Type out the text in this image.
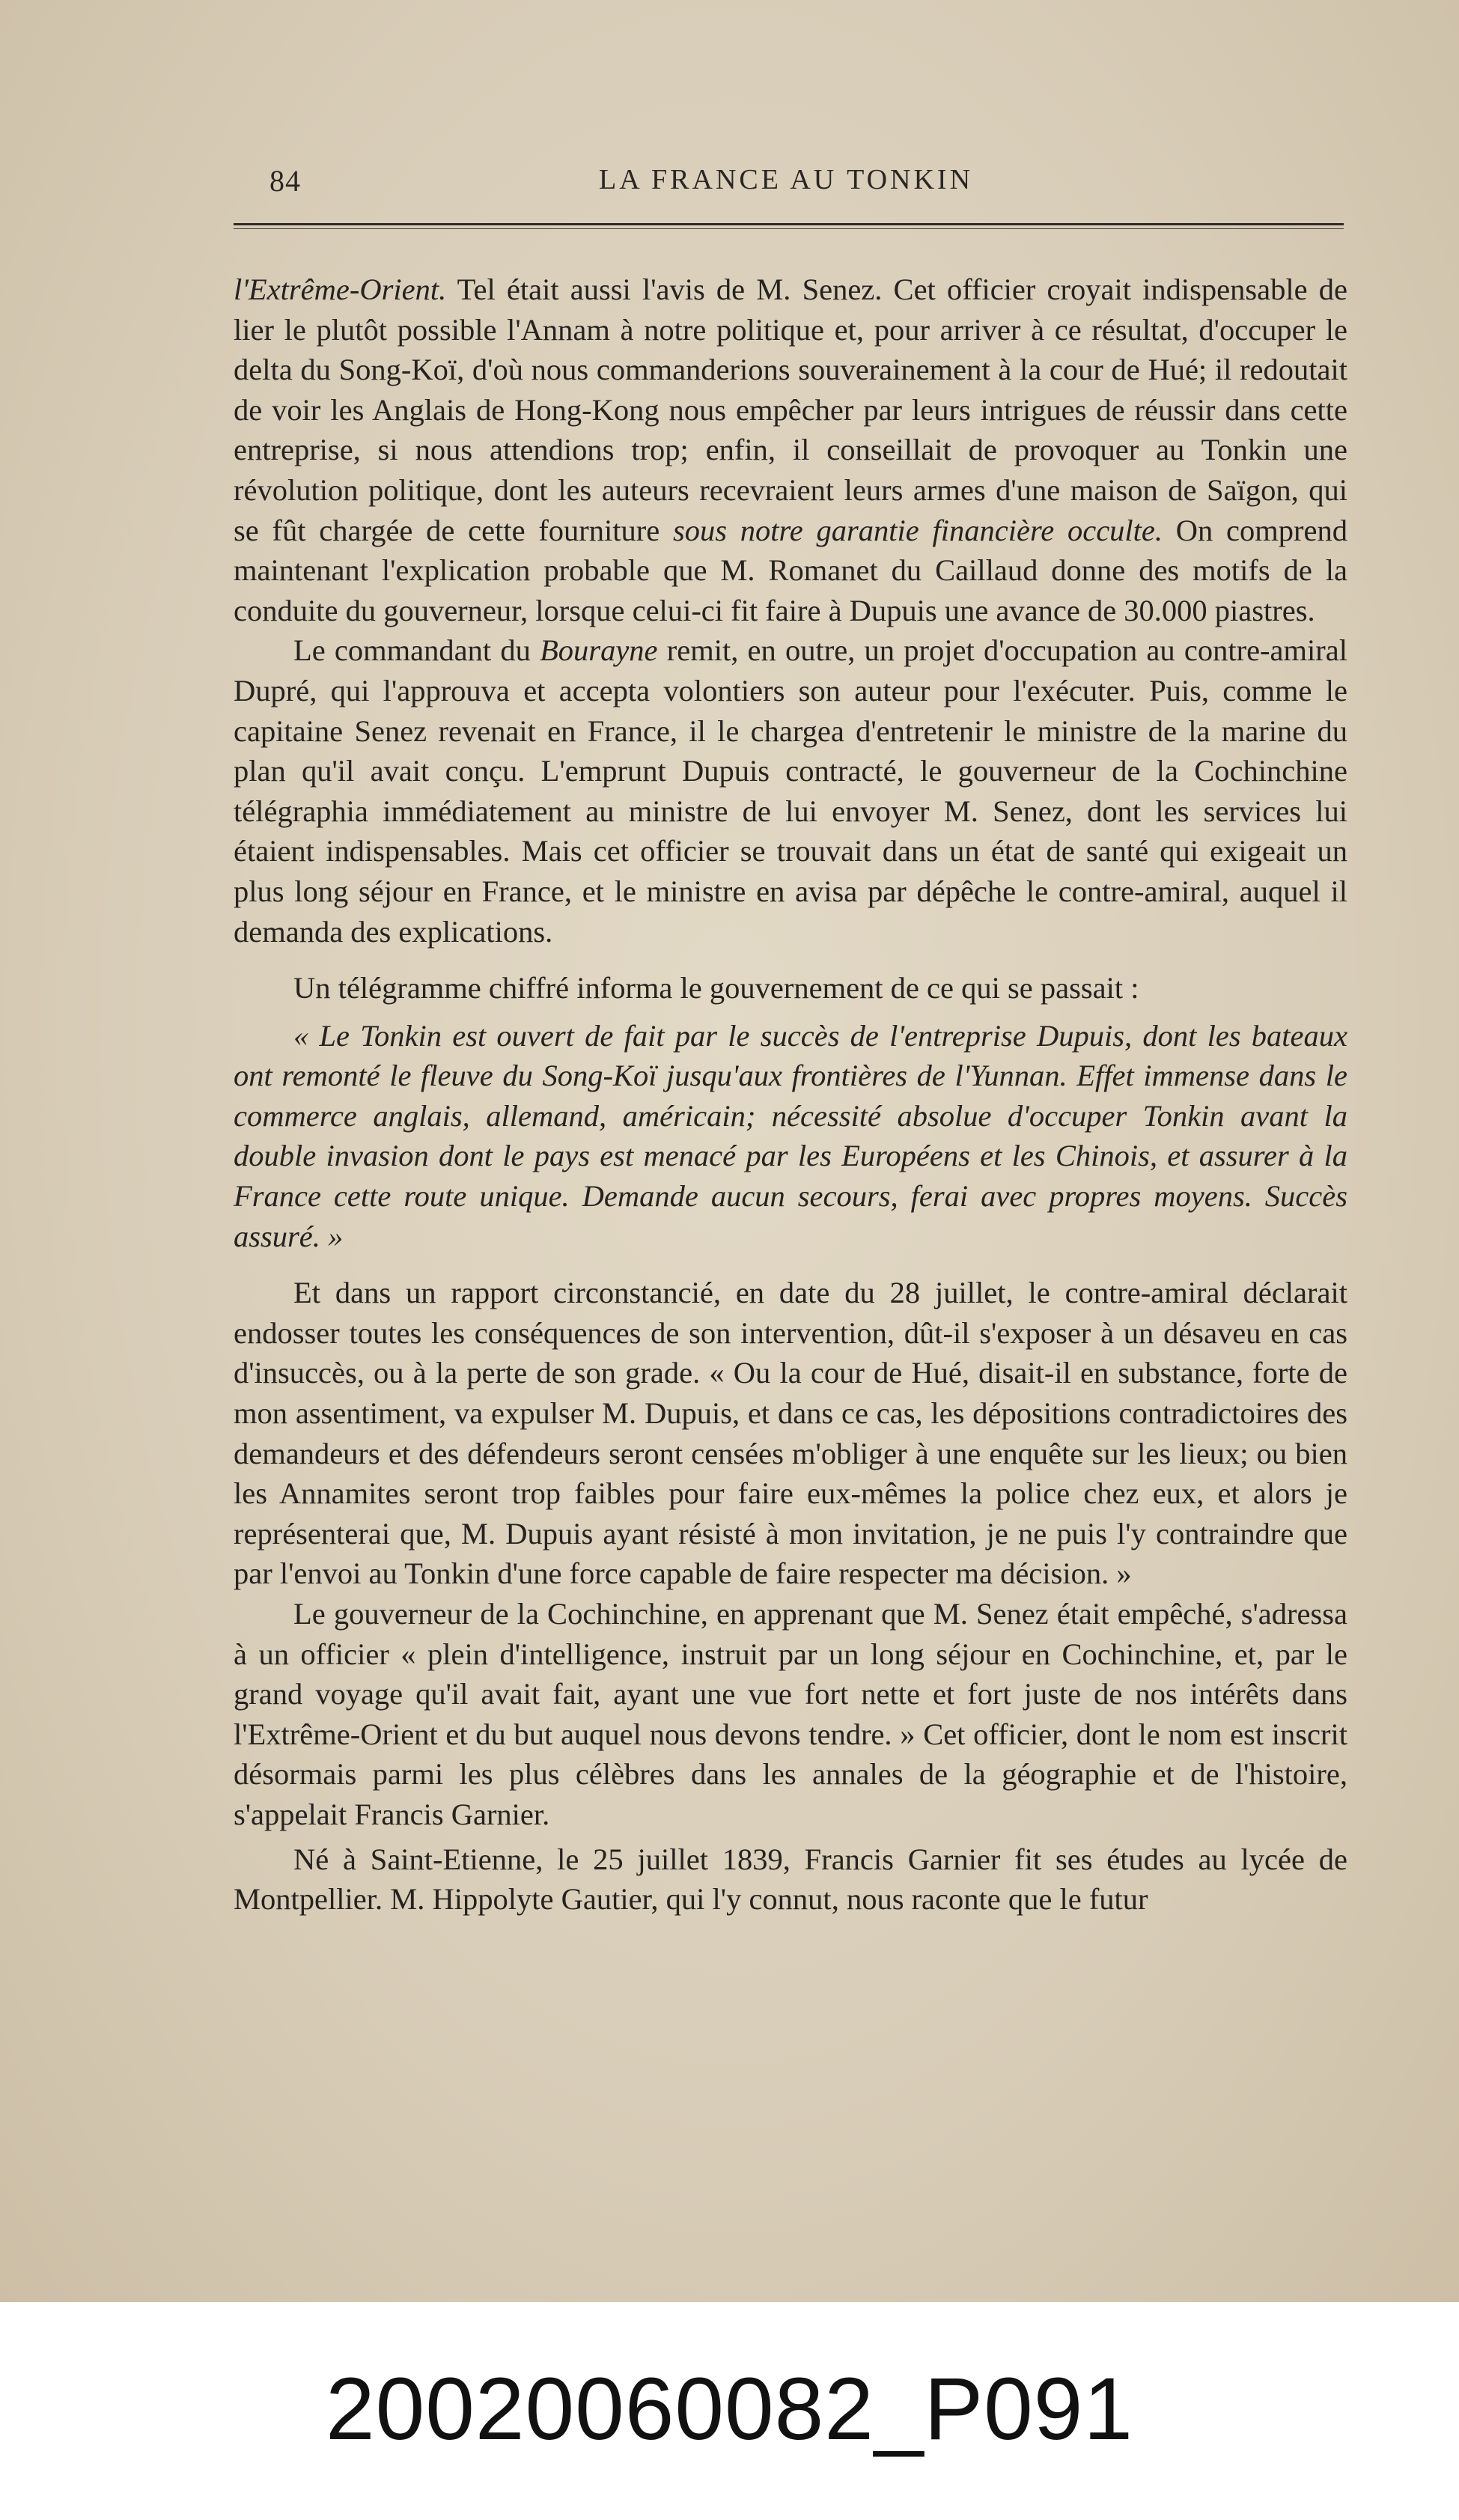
84	LA FRANCE AU TONKIN

l'Extrême-Orient. Tel était aussi l'avis de M. Senez. Cet officier croyait indispensable de lier le plutôt possible l'Annam à notre politique et, pour arriver à ce résultat, d'occuper le delta du Song-Koï, d'où nous commanderions souverainement à la cour de Hué; il redoutait de voir les Anglais de Hong-Kong nous empêcher par leurs intrigues de réussir dans cette entreprise, si nous attendions trop; enfin, il conseillait de provoquer au Tonkin une révolution politique, dont les auteurs recevraient leurs armes d'une maison de Saïgon, qui se fût chargée de cette fourniture sous notre garantie financière occulte. On comprend maintenant l'explication probable que M. Romanet du Caillaud donne des motifs de la conduite du gouverneur, lorsque celui-ci fit faire à Dupuis une avance de 30.000 piastres.

Le commandant du Bourayne remit, en outre, un projet d'occupation au contre-amiral Dupré, qui l'approuva et accepta volontiers son auteur pour l'exécuter. Puis, comme le capitaine Senez revenait en France, il le chargea d'entretenir le ministre de la marine du plan qu'il avait conçu. L'emprunt Dupuis contracté, le gouverneur de la Cochinchine télégraphia immédiatement au ministre de lui envoyer M. Senez, dont les services lui étaient indispensables. Mais cet officier se trouvait dans un état de santé qui exigeait un plus long séjour en France, et le ministre en avisa par dépêche le contre-amiral, auquel il demanda des explications.

Un télégramme chiffré informa le gouvernement de ce qui se passait :

« Le Tonkin est ouvert de fait par le succès de l'entreprise Dupuis, dont les bateaux ont remonté le fleuve du Song-Koï jusqu'aux frontières de l'Yunnan. Effet immense dans le commerce anglais, allemand, américain; nécessité absolue d'occuper Tonkin avant la double invasion dont le pays est menacé par les Européens et les Chinois, et assurer à la France cette route unique. Demande aucun secours, ferai avec propres moyens. Succès assuré. »

Et dans un rapport circonstancié, en date du 28 juillet, le contre-amiral déclarait endosser toutes les conséquences de son intervention, dût-il s'exposer à un désaveu en cas d'insuccès, ou à la perte de son grade. « Ou la cour de Hué, disait-il en substance, forte de mon assentiment, va expulser M. Dupuis, et dans ce cas, les dépositions contradictoires des demandeurs et des défendeurs seront censées m'obliger à une enquête sur les lieux; ou bien les Annamites seront trop faibles pour faire eux-mêmes la police chez eux, et alors je représenterai que, M. Dupuis ayant résisté à mon invitation, je ne puis l'y contraindre que par l'envoi au Tonkin d'une force capable de faire respecter ma décision. »

Le gouverneur de la Cochinchine, en apprenant que M. Senez était empêché, s'adressa à un officier « plein d'intelligence, instruit par un long séjour en Cochinchine, et, par le grand voyage qu'il avait fait, ayant une vue fort nette et fort juste de nos intérêts dans l'Extrême-Orient et du but auquel nous devons tendre. » Cet officier, dont le nom est inscrit désormais parmi les plus célèbres dans les annales de la géographie et de l'histoire, s'appelait Francis Garnier.

Né à Saint-Etienne, le 25 juillet 1839, Francis Garnier fit ses études au lycée de Montpellier. M. Hippolyte Gautier, qui l'y connut, nous raconte que le futur

20020060082_P091
